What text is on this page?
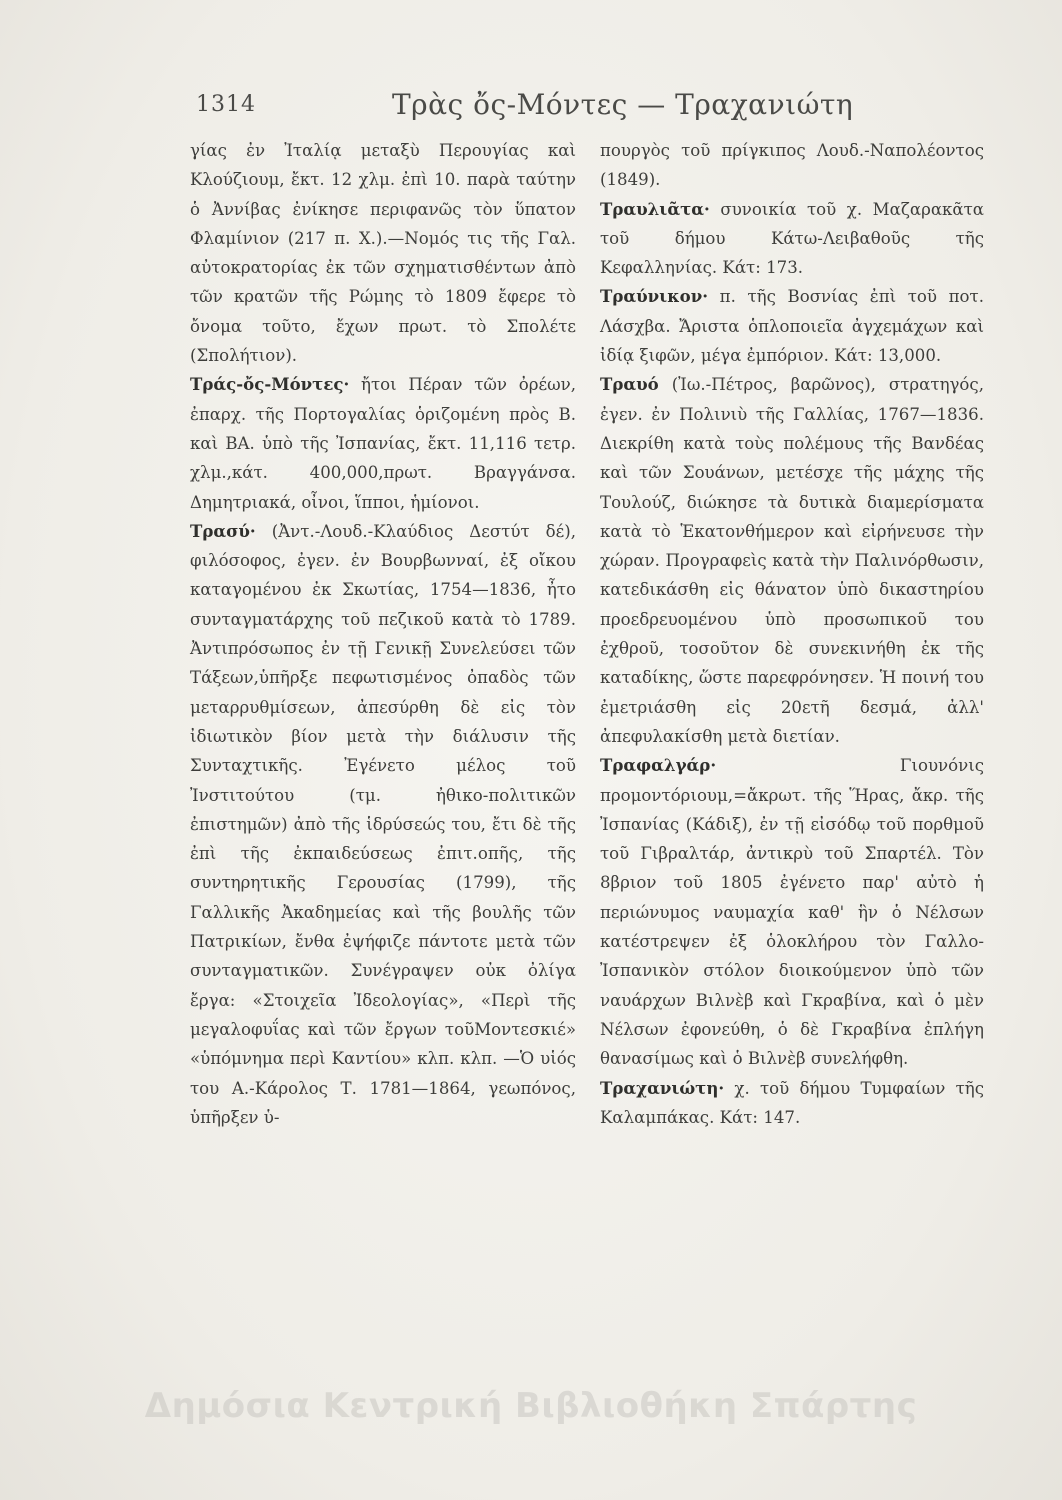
1314	Τρὰς ὄς-Μόντες — Τραχανιώτη

γίας ἐν Ἰταλίᾳ μεταξὺ Περουγίας καὶ Κλούζιουμ, ἔκτ. 12 χλμ. ἐπὶ 10. παρὰ ταύτην ὁ Ἀννίβας ἐνίκησε περιφανῶς τὸν ὕπατον Φλαμίνιον (217 π. Χ.).—Νομός τις τῆς Γαλ. αὐτοκρατορίας ἐκ τῶν σχηματισθέντων ἀπὸ τῶν κρατῶν τῆς Ρώμης τὸ 1809 ἔφερε τὸ ὄνομα τοῦτο, ἔχων πρωτ. τὸ Σπολέτε (Σπολήτιον).

Τράς-ὄς-Μόντες· ἤτοι Πέραν τῶν ὀρέων, ἐπαρχ. τῆς Πορτογαλίας ὁριζομένη πρὸς Β. καὶ ΒΑ. ὑπὸ τῆς Ἰσπανίας, ἔκτ. 11,116 τετρ. χλμ.,κάτ. 400,000,πρωτ. Βραγγάνσα. Δημητριακά, οἶνοι, ἵπποι, ἡμίονοι.

Τρασύ· (Ἀντ.-Λουδ.-Κλαύδιος Δεστύτ δέ), φιλόσοφος, ἐγεν. ἐν Βουρβωνναί, ἐξ οἴκου καταγομένου ἐκ Σκωτίας, 1754—1836, ἦτο συνταγματάρχης τοῦ πεζικοῦ κατὰ τὸ 1789. Ἀντιπρόσωπος ἐν τῇ Γενικῇ Συνελεύσει τῶν Τάξεων,ὑπῆρξε πεφωτισμένος ὀπαδὸς τῶν μεταρρυθμίσεων, ἀπεσύρθη δὲ εἰς τὸν ἰδιωτικὸν βίον μετὰ τὴν διάλυσιν τῆς Συνταχτικῆς. Ἐγένετο μέλος τοῦ Ἰνστιτούτου (τμ. ἠθικο-πολιτικῶν ἐπιστημῶν) ἀπὸ τῆς ἱδρύσεώς του, ἔτι δὲ τῆς ἐπὶ τῆς ἐκπαιδεύσεως ἐπιτ.οπῆς, τῆς συντηρητικῆς Γερουσίας (1799), τῆς Γαλλικῆς Ἀκαδημείας καὶ τῆς βουλῆς τῶν Πατρικίων, ἔνθα ἐψήφιζε πάντοτε μετὰ τῶν συνταγματικῶν. Συνέγραψεν οὐκ ὀλίγα ἔργα: «Στοιχεῖα Ἰδεολογίας», «Περὶ τῆς μεγαλοφυΐας καὶ τῶν ἔργων τοῦΜοντεσκιέ» «ὑπόμνημα περὶ Καντίου» κλπ. κλπ. —Ὁ υἱός του Α.-Κάρολος Τ. 1781—1864, γεωπόνος, ὑπῆρξεν ὑ-

πουργὸς τοῦ πρίγκιπος Λουδ.-Ναπολέοντος (1849).

Τραυλιᾶτα· συνοικία τοῦ χ. Μαζαρακᾶτα τοῦ δήμου Κάτω-Λειβαθοῦς τῆς Κεφαλληνίας. Κάτ: 173.

Τραύνικον· π. τῆς Βοσνίας ἐπὶ τοῦ ποτ. Λάσχβα. Ἄριστα ὁπλοποιεῖα ἀγχεμάχων καὶ ἰδίᾳ ξιφῶν, μέγα ἐμπόριον. Κάτ: 13,000.

Τραυό (Ἰω.-Πέτρος, βαρῶνος), στρατηγός, ἐγεν. ἐν Πολινιὺ τῆς Γαλλίας, 1767—1836. Διεκρίθη κατὰ τοὺς πολέμους τῆς Βανδέας καὶ τῶν Σουάνων, μετέσχε τῆς μάχης τῆς Τουλούζ, διώκησε τὰ δυτικὰ διαμερίσματα κατὰ τὸ Ἑκατονθήμερον καὶ εἰρήνευσε τὴν χώραν. Προγραφεὶς κατὰ τὴν Παλινόρθωσιν, κατεδικάσθη εἰς θάνατον ὑπὸ δικαστηρίου προεδρευομένου ὑπὸ προσωπικοῦ του ἐχθροῦ, τοσοῦτον δὲ συνεκινήθη ἐκ τῆς καταδίκης, ὥστε παρεφρόνησεν. Ἡ ποινή του ἐμετριάσθη εἰς 20ετῆ δεσμά, ἀλλ' ἀπεφυλακίσθη μετὰ διετίαν.

Τραφαλγάρ· Γιουνόνις προμοντόριουμ,=ἄκρωτ. τῆς Ἥρας, ἄκρ. τῆς Ἰσπανίας (Κάδιξ), ἐν τῇ εἰσόδῳ τοῦ πορθμοῦ τοῦ Γιβραλτάρ, ἀντικρὺ τοῦ Σπαρτέλ. Τὸν 8βριον τοῦ 1805 ἐγένετο παρ' αὐτὸ ἡ περιώνυμος ναυμαχία καθ' ἣν ὁ Νέλσων κατέστρεψεν ἐξ ὁλοκλήρου τὸν Γαλλο-Ἰσπανικὸν στόλον διοικούμενον ὑπὸ τῶν ναυάρχων Βιλνὲβ καὶ Γκραβίνα, καὶ ὁ μὲν Νέλσων ἐφονεύθη, ὁ δὲ Γκραβίνα ἐπλήγη θανασίμως καὶ ὁ Βιλνὲβ συνελήφθη.

Τραχανιώτη· χ. τοῦ δήμου Τυμφαίων τῆς Καλαμπάκας. Κάτ: 147.

Δημόσια Κεντρική Βιβλιοθήκη Σπάρτης
